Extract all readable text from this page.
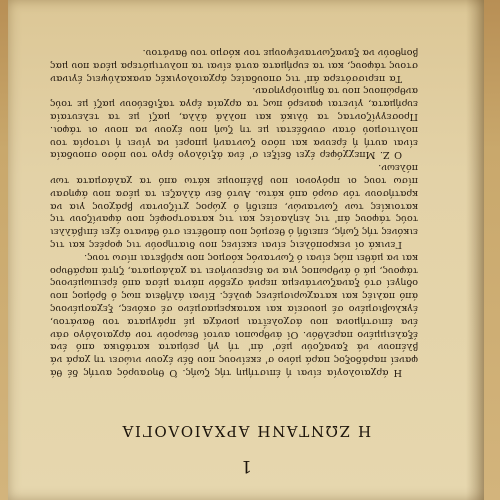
1
Η ΖΩΝΤΑΝΗ ΑΡΧΑΙΟΛΟΓΙΑ

Η άρχαιολογία είναι ή έπιστήμη τής ζωής. Ό θησαυρός αυτής δέ θά φανεί παράδοξος παρά μόνο σ' εκείνους που δέν έχουν νιώσει τη χαρά νά βλέπουν νά ξαναζούν μέσ' άπ' τή γή ρεύματα κατάδικα από ένα έξαλειμμένο παρελθόν. Οί άνθρωποι αυτοί θεωρούν τον άρχαιολόγο σάν ένα έπιστήμονα που άσχολεΐται μονάχα μέ πράγματα του θανάτου, έγκλωβισμένο σέ μουσεία και κατακρεμασμένο σέ σκόνες, ξεχασμένους άπό παλιές και καταχωρισμένες φυλές. Είναι άλήθεια πως ό δρόμος που οδηγεί στό ξαναζωντάνεμα περνά σχεδόν πάντα μέσα από έρειπωμένους τάφους, μά ό άνθρωπος για να διερευνήσει τα χαλάσματα, ζητά παράθυρο και να μάθει πώς είναι ό ζωντανός κόσμος που κρύβεται πίσω τους.

Γενικά οί νεκροπόλεις είναι εκείνες που διατηρούν τις φορέες και τις εικόνες τής ζωής, επειδή ό θεσμός που άποθέτει στό θάνατο έχει έπιβάλλει τούς τάφους άπ' τις λεηλασίες και τις καταστροφές που άφανίζουν τις κατοικίες των ζωντανών, επειδή ό χώρος χτίζονταν βράχους για να κρατήσουν τόν σωρό από κάτω. Αυτό δεν άλλαζει τα μέσα που άφησαν πίσω τους οι πρόγονοι που βλέπουμε κάτω από τα χαλάσματα των πόλεων.

Ο Ζ. Μπεχχόφερ έχει δείξει σ' ένα άξιόλογο έργο του πόσο σπουδαία είναι αυτή ή έρευνα και πόσο ζωντανή μπορεί να γίνει ή ιστορία του πολιτισμού όταν συνδέεται με τη ζωή που έχουν να πουν οι τάφοι. Προσεγγίζοντας τα ύλικά και πολλά άλλα, μαζί με τα τελευταία ευρήματα, γίνεται φανερό πως τα αρχαία έργα ταξιδεύουν μαζί με τούς ανθρώπους που τα δημιούργησαν.

Τα περισσότερα άπ' τις σπουδαίες άρχαιολογικές ανακαλύψεις έγιναν στους τάφους, και τα ευρήματα αυτά είναι τα πολυτιμότερα μέσα που μας βοηθούν να ξαναζωντανέψουμε τον κόσμο του θανάτου.
